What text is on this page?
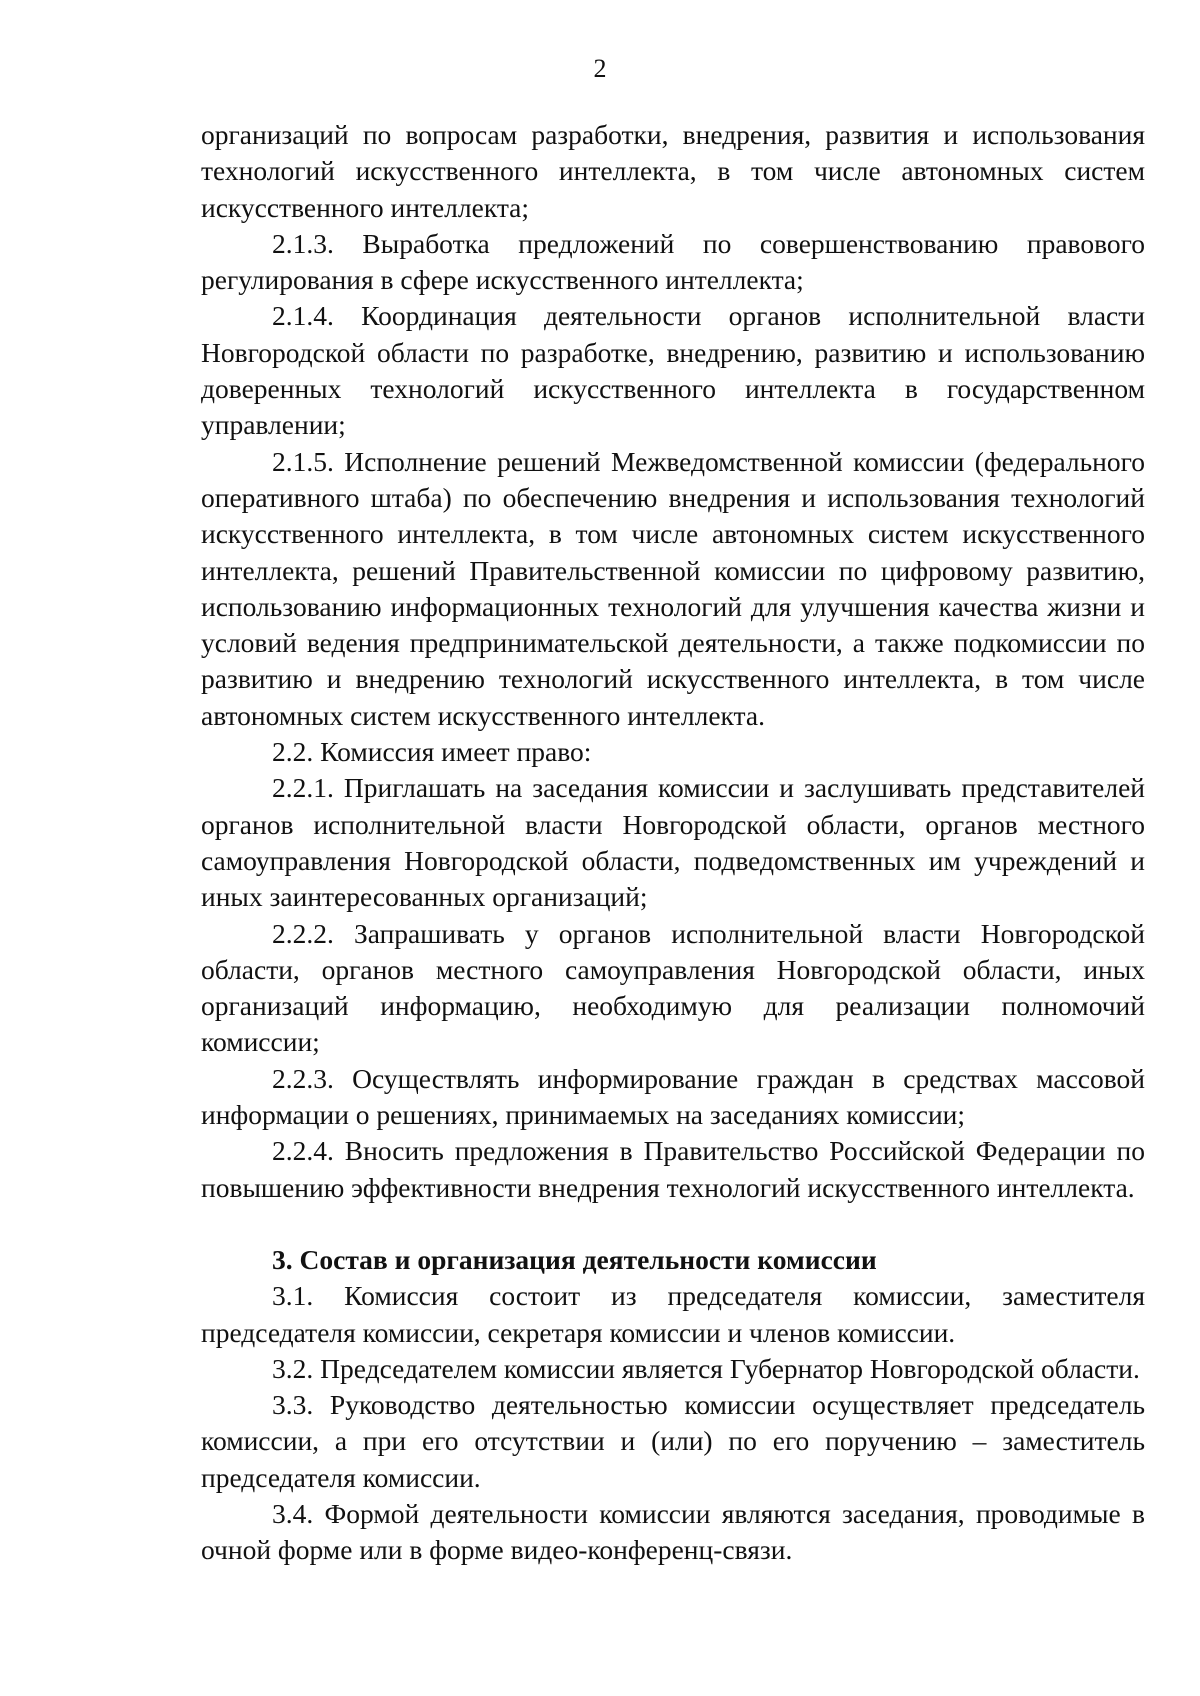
2

организаций по вопросам разработки, внедрения, развития и использования технологий искусственного интеллекта, в том числе автономных систем искусственного интеллекта;

2.1.3. Выработка предложений по совершенствованию правового регулирования в сфере искусственного интеллекта;

2.1.4. Координация деятельности органов исполнительной власти Новгородской области по разработке, внедрению, развитию и использованию доверенных технологий искусственного интеллекта в государственном управлении;

2.1.5. Исполнение решений Межведомственной комиссии (федерального оперативного штаба) по обеспечению внедрения и использования технологий искусственного интеллекта, в том числе автономных систем искусственного интеллекта, решений Правительственной комиссии по цифровому развитию, использованию информационных технологий для улучшения качества жизни и условий ведения предпринимательской деятельности, а также подкомиссии по развитию и внедрению технологий искусственного интеллекта, в том числе автономных систем искусственного интеллекта.

2.2. Комиссия имеет право:

2.2.1. Приглашать на заседания комиссии и заслушивать представителей органов исполнительной власти Новгородской области, органов местного самоуправления Новгородской области, подведомственных им учреждений и иных заинтересованных организаций;

2.2.2. Запрашивать у органов исполнительной власти Новгородской области, органов местного самоуправления Новгородской области, иных организаций информацию, необходимую для реализации полномочий комиссии;

2.2.3. Осуществлять информирование граждан в средствах массовой информации о решениях, принимаемых на заседаниях комиссии;

2.2.4. Вносить предложения в Правительство Российской Федерации по повышению эффективности внедрения технологий искусственного интеллекта.

3. Состав и организация деятельности комиссии

3.1. Комиссия состоит из председателя комиссии, заместителя председателя комиссии, секретаря комиссии и членов комиссии.

3.2. Председателем комиссии является Губернатор Новгородской области.

3.3. Руководство деятельностью комиссии осуществляет председатель комиссии, а при его отсутствии и (или) по его поручению – заместитель председателя комиссии.

3.4. Формой деятельности комиссии являются заседания, проводимые в очной форме или в форме видео-конференц-связи.
